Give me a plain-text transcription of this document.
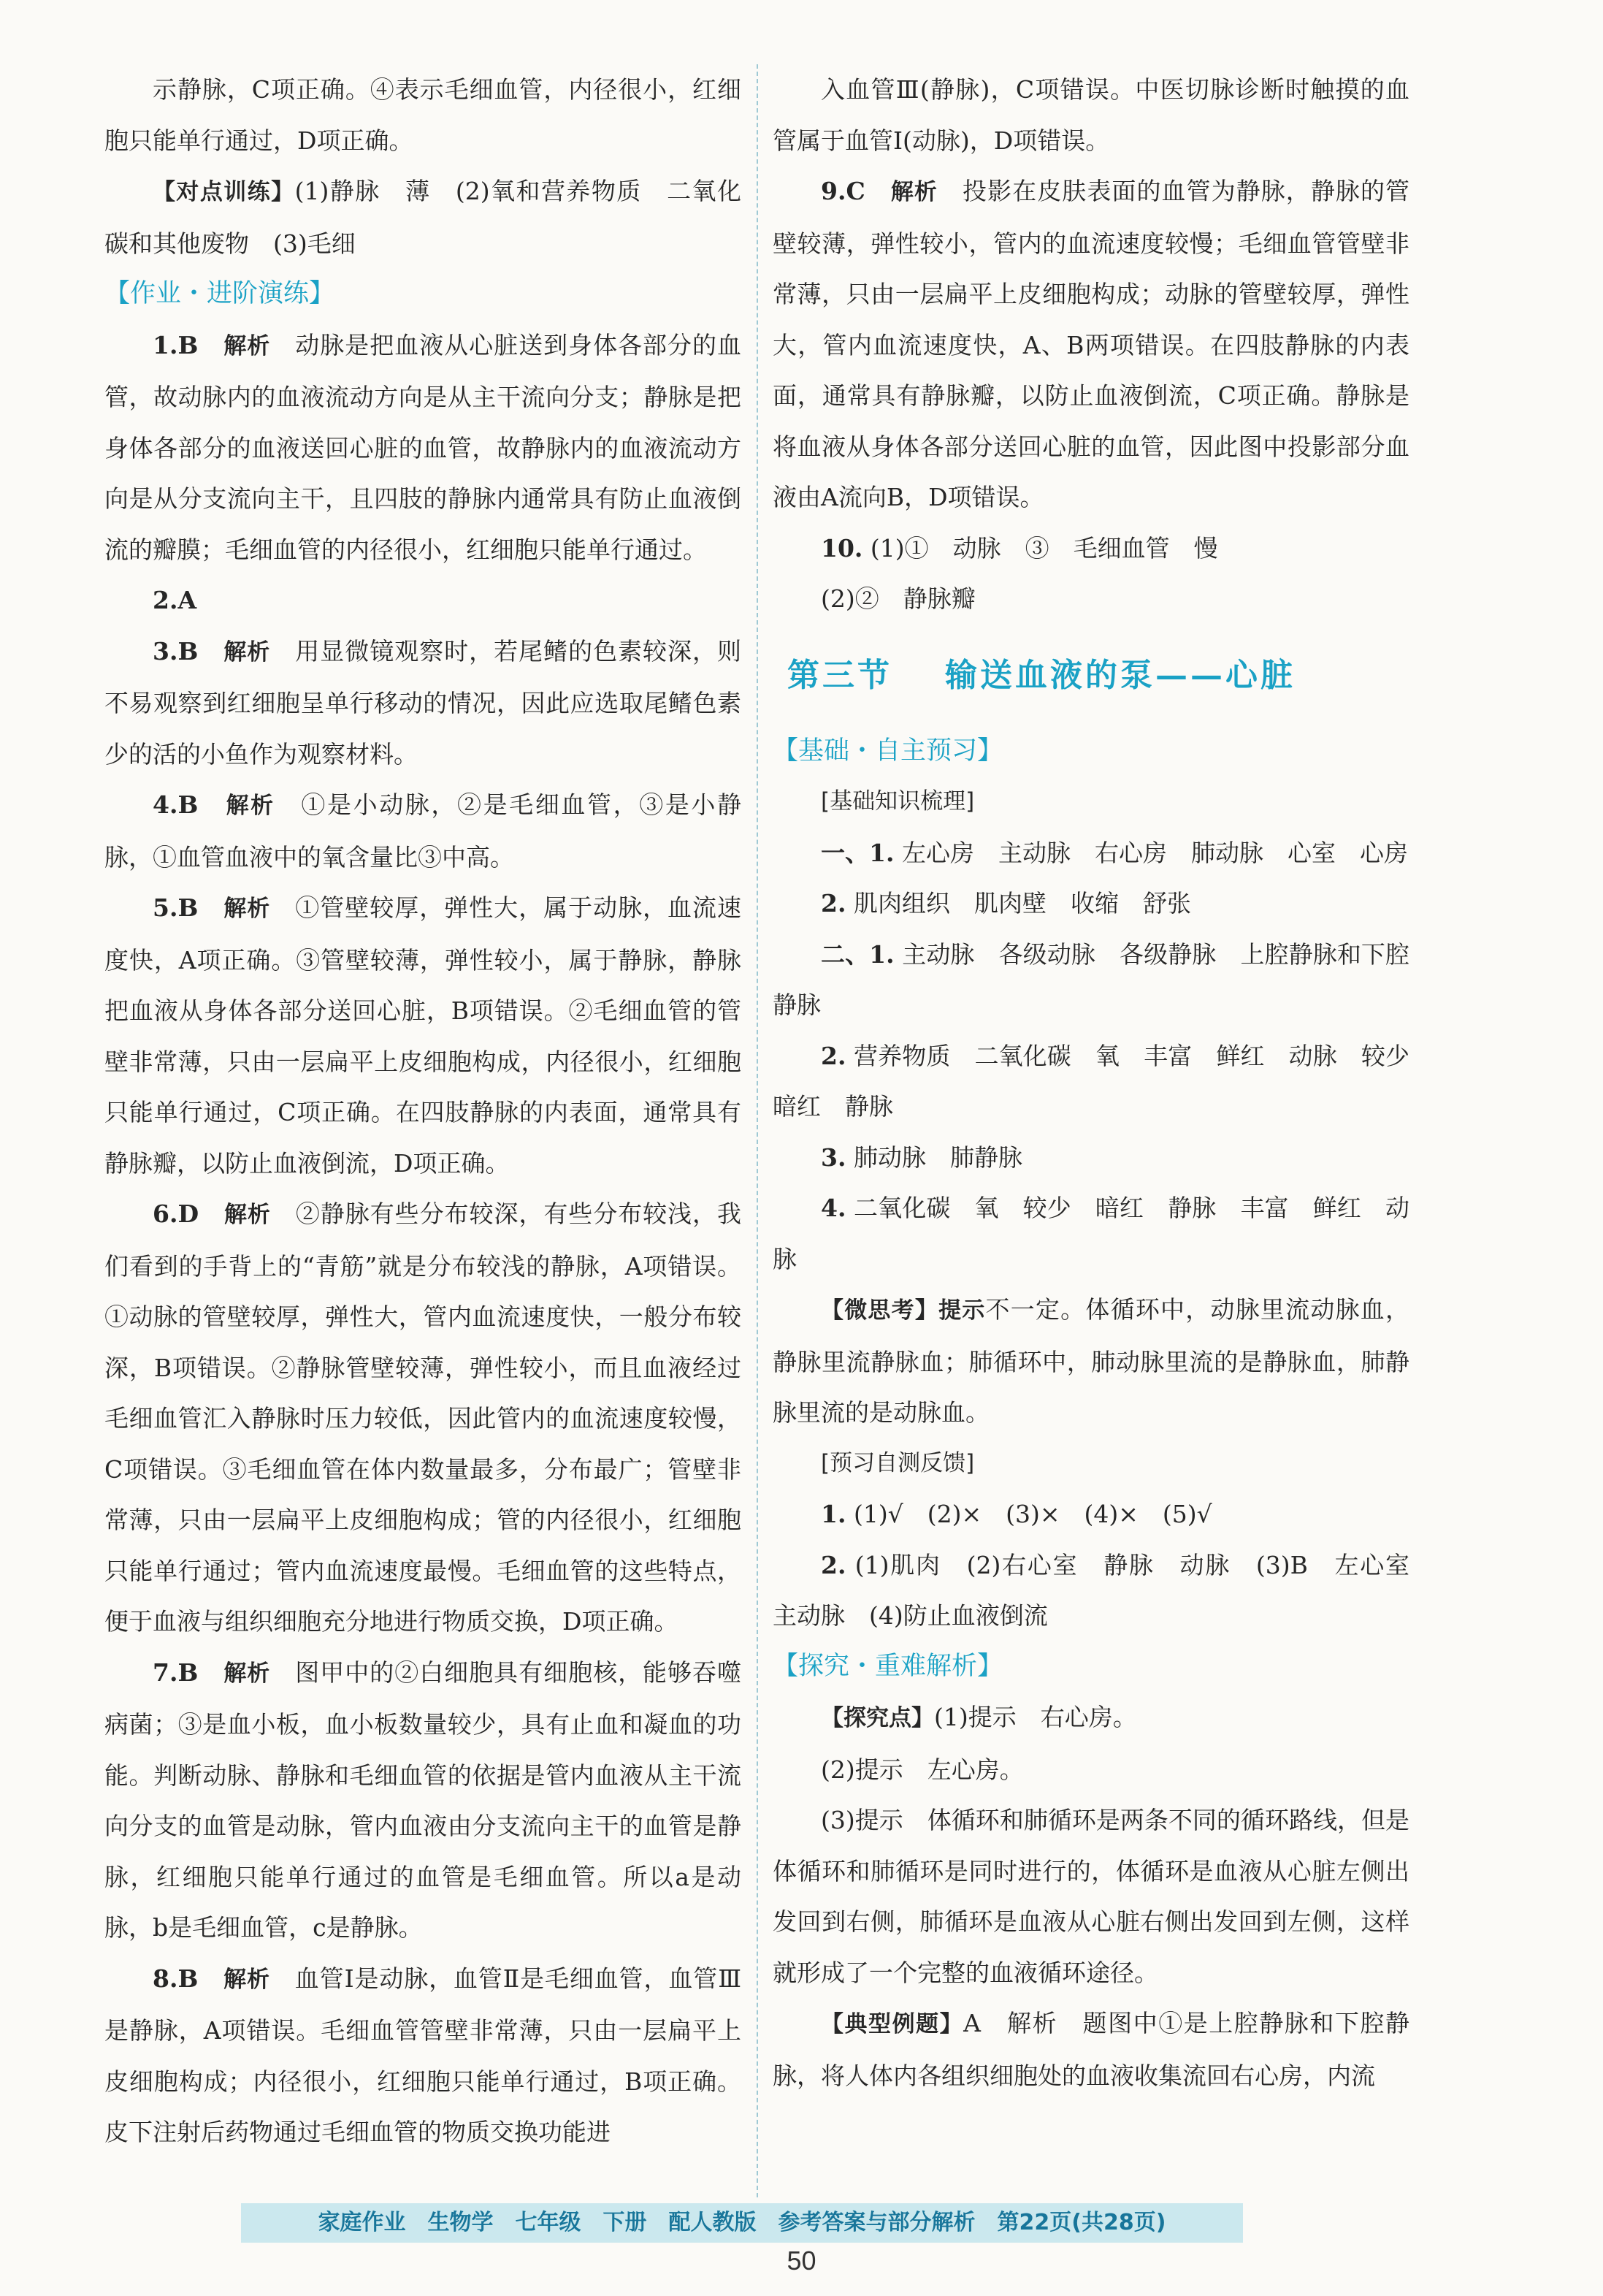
示静脉，C项正确。④表示毛细血管，内径很小，红细胞只能单行通过，D项正确。

【对点训练】(1)静脉　薄　(2)氧和营养物质　二氧化碳和其他废物　(3)毛细

【作业・进阶演练】

1.B　 解析　 动脉是把血液从心脏送到身体各部分的血管，故动脉内的血液流动方向是从主干流向分支；静脉是把身体各部分的血液送回心脏的血管，故静脉内的血液流动方向是从分支流向主干，且四肢的静脉内通常具有防止血液倒流的瓣膜；毛细血管的内径很小，红细胞只能单行通过。

2.A

3.B　 解析　 用显微镜观察时，若尾鳍的色素较深，则不易观察到红细胞呈单行移动的情况，因此应选取尾鳍色素少的活的小鱼作为观察材料。

4.B　 解析　 ①是小动脉，②是毛细血管，③是小静脉，①血管血液中的氧含量比③中高。

5.B　 解析　 ①管壁较厚，弹性大，属于动脉，血流速度快，A项正确。③管壁较薄，弹性较小，属于静脉，静脉把血液从身体各部分送回心脏，B项错误。②毛细血管的管壁非常薄，只由一层扁平上皮细胞构成，内径很小，红细胞只能单行通过，C项正确。在四肢静脉的内表面，通常具有静脉瓣，以防止血液倒流，D项正确。

6.D　 解析　 ②静脉有些分布较深，有些分布较浅，我们看到的手背上的“青筋”就是分布较浅的静脉，A项错误。①动脉的管壁较厚，弹性大，管内血流速度快，一般分布较深，B项错误。②静脉管壁较薄，弹性较小，而且血液经过毛细血管汇入静脉时压力较低，因此管内的血流速度较慢，C项错误。③毛细血管在体内数量最多，分布最广；管壁非常薄，只由一层扁平上皮细胞构成；管的内径很小，红细胞只能单行通过；管内血流速度最慢。毛细血管的这些特点，便于血液与组织细胞充分地进行物质交换，D项正确。

7.B　 解析　 图甲中的②白细胞具有细胞核，能够吞噬病菌；③是血小板，血小板数量较少，具有止血和凝血的功能。判断动脉、静脉和毛细血管的依据是管内血液从主干流向分支的血管是动脉，管内血液由分支流向主干的血管是静脉，红细胞只能单行通过的血管是毛细血管。所以a是动脉，b是毛细血管，c是静脉。

8.B　 解析　 血管Ⅰ是动脉，血管Ⅱ是毛细血管，血管Ⅲ是静脉，A项错误。毛细血管管壁非常薄，只由一层扁平上皮细胞构成；内径很小，红细胞只能单行通过，B项正确。皮下注射后药物通过毛细血管的物质交换功能进

入血管Ⅲ(静脉)，C项错误。中医切脉诊断时触摸的血管属于血管Ⅰ(动脉)，D项错误。

9.C　 解析　 投影在皮肤表面的血管为静脉，静脉的管壁较薄，弹性较小，管内的血流速度较慢；毛细血管管壁非常薄，只由一层扁平上皮细胞构成；动脉的管壁较厚，弹性大，管内血流速度快，A、B两项错误。在四肢静脉的内表面，通常具有静脉瓣，以防止血液倒流，C项正确。静脉是将血液从身体各部分送回心脏的血管，因此图中投影部分血液由A流向B，D项错误。

10. (1)①　动脉　③　毛细血管　慢

(2)②　静脉瓣

第三节 输送血液的泵——心脏
【基础・自主预习】
[基础知识梳理]

一、1. 左心房　主动脉　右心房　肺动脉　心室　心房

2. 肌肉组织　肌肉壁　收缩　舒张

二、1. 主动脉　各级动脉　各级静脉　上腔静脉和下腔静脉

2. 营养物质　二氧化碳　氧　丰富　鲜红　动脉　较少　暗红　静脉

3. 肺动脉　肺静脉

4. 二氧化碳　氧　较少　暗红　静脉　丰富　鲜红　动脉

【微思考】提示不一定。体循环中，动脉里流动脉血，静脉里流静脉血；肺循环中，肺动脉里流的是静脉血，肺静脉里流的是动脉血。

[预习自测反馈]

1. (1)√　(2)×　(3)×　(4)×　(5)√

2. (1)肌肉　(2)右心室　静脉　动脉　(3)B　左心室　主动脉　(4)防止血液倒流

【探究・重难解析】

【探究点】(1)提示　右心房。

(2)提示　左心房。

(3)提示　体循环和肺循环是两条不同的循环路线，但是体循环和肺循环是同时进行的，体循环是血液从心脏左侧出发回到右侧，肺循环是血液从心脏右侧出发回到左侧，这样就形成了一个完整的血液循环途径。

【典型例题】A　解析　题图中①是上腔静脉和下腔静脉，将人体内各组织细胞处的血液收集流回右心房，内流

家庭作业　生物学　七年级　下册　配人教版　参考答案与部分解析　第22页(共28页)
50
